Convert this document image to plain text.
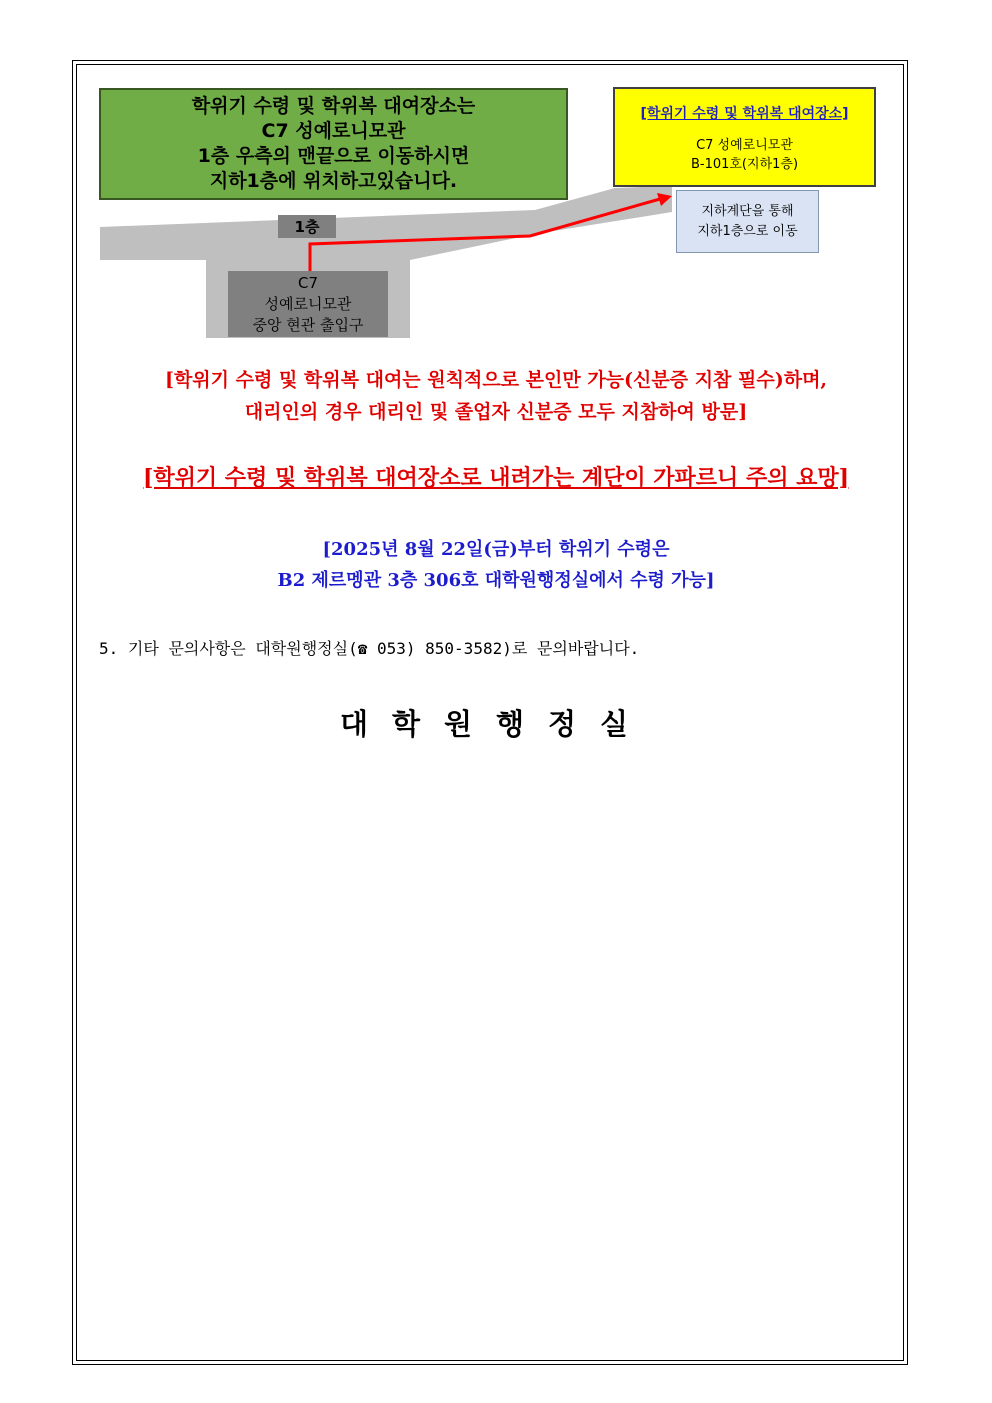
학위기 수령 및 학위복 대여장소는
C7 성예로니모관
1층 우측의 맨끝으로 이동하시면
지하1층에 위치하고있습니다.
[학위기 수령 및 학위복 대여장소]
C7 성예로니모관
B-101호(지하1층)
지하계단을 통해
지하1층으로 이동
1층
C7
성예로니모관
중앙 현관 출입구
[학위기 수령 및 학위복 대여는 원칙적으로 본인만 가능(신분증 지참 필수)하며,
대리인의 경우 대리인 및 졸업자 신분증 모두 지참하여 방문]
[학위기 수령 및 학위복 대여장소로 내려가는 계단이 가파르니 주의 요망]
[2025년 8월 22일(금)부터 학위기 수령은
B2 제르멩관 3층 306호 대학원행정실에서 수령 가능]
5. 기타 문의사항은 대학원행정실(☎ 053) 850-3582)로 문의바랍니다.
대학원행정실
